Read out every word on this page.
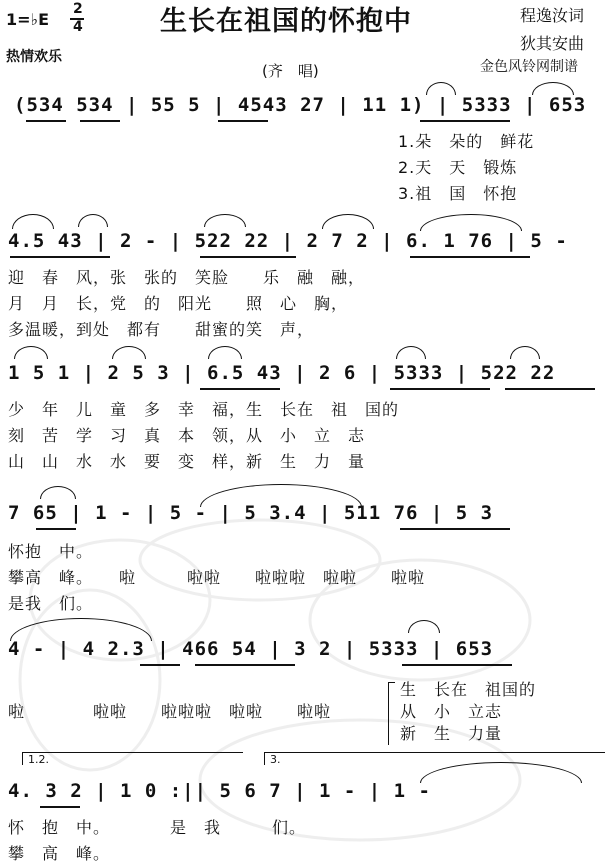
1=♭E
2
4	生长在祖国的怀抱中	程逸汝词
狄其安曲
金色风铃网制谱
热情欢乐
(齐　唱)
(534 534 | 55 5 | 4543 27 | 11 1) | 5333 | 653
1.朵　朵的　鲜花
2.天　天　锻炼
3.祖　国　怀抱
4.5 43 | 2 - | 522 22 | 2 7 2 | 6. 1 76 | 5 -
迎　春　风，张　张的　笑脸　　乐　融　融，
月　月　长，党　的　阳光　　照　心　胸，
多温暖，到处　都有　　甜蜜的笑　声，
1 5 1 | 2 5 3 | 6.5 43 | 2 6 | 5333 | 522 22
少　年　儿　童　多　幸　福，生　长在　祖　国的
刻　苦　学　习　真　本　领，从　小　立　志
山　山　水　水　要　变　样，新　生　力　量
7 65 | 1 - | 5 - | 5 3.4 | 511 76 | 5 3
怀抱　中。
攀高　峰。　　啦　　　啦啦　　啦啦啦　啦啦　　啦啦
是我　们。
4 - | 4 2.3 | 466 54 | 3 2 | 5333 | 653
啦　　　　啦啦　　啦啦啦　啦啦　　啦啦
生　长在　祖国的
从　小　立志
新　生　力量
1.2.	3.
4. 3 2 | 1 0 :|| 5 6 7 | 1 - | 1 -
怀　抱　中。　　　　是　我　　　们。
攀　高　峰。
